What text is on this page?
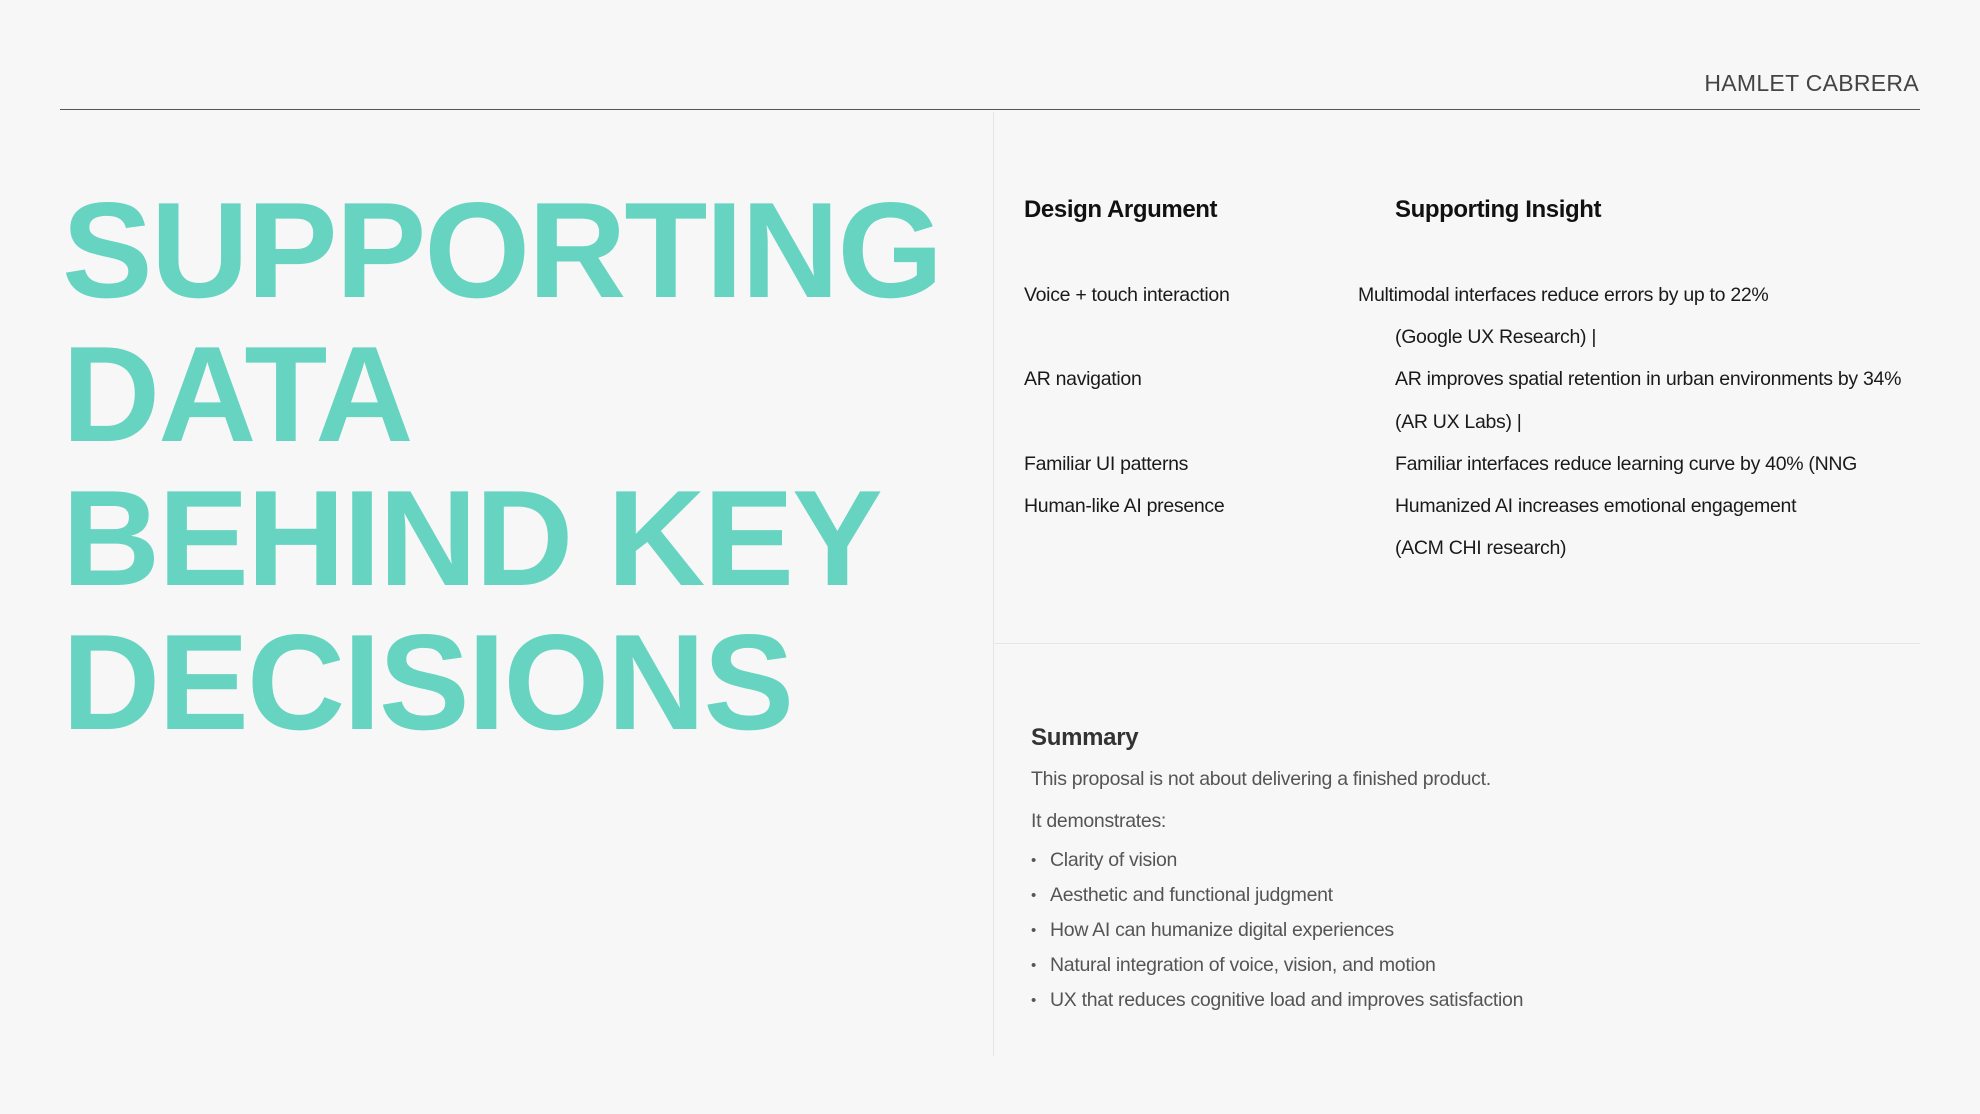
HAMLET CABRERA
SUPPORTING
DATA
BEHIND KEY
DECISIONS
Design Argument	Supporting Insight
Voice + touch interaction
AR navigation
Familiar UI patterns
Human-like AI presence
Multimodal interfaces reduce errors by up to 22%
(Google UX Research) |
AR improves spatial retention in urban environments by 34%
(AR UX Labs) |
Familiar interfaces reduce learning curve by 40% (NNG
Humanized AI increases emotional engagement
(ACM CHI research)
Summary
This proposal is not about delivering a finished product.
It demonstrates:
• Clarity of vision
• Aesthetic and functional judgment
• How AI can humanize digital experiences
• Natural integration of voice, vision, and motion
• UX that reduces cognitive load and improves satisfaction
